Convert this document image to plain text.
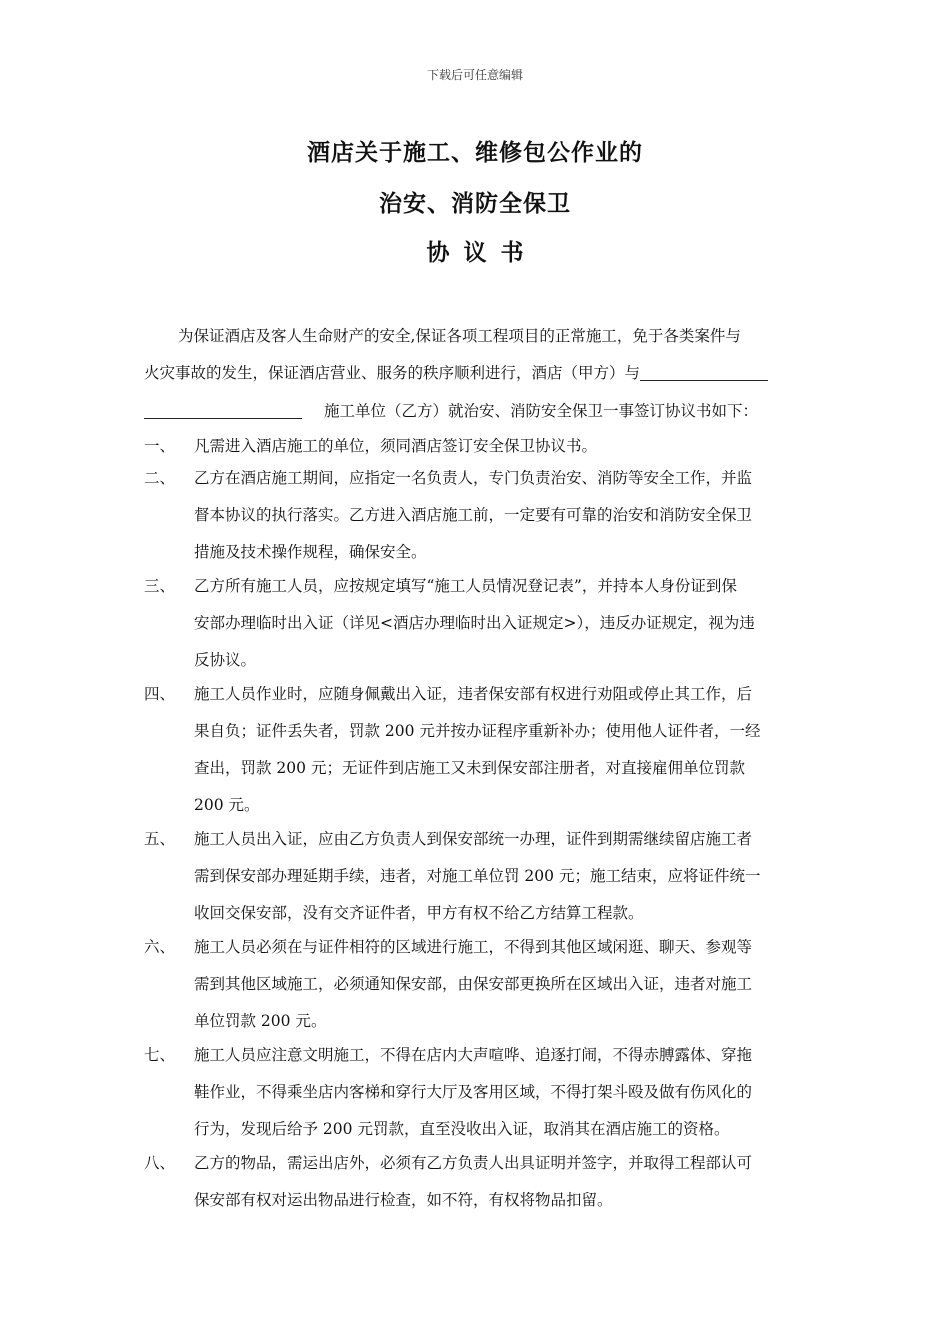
下载后可任意编辑
酒店关于施工、维修包公作业的
治安、消防全保卫
协议书
为保证酒店及客人生命财产的安全,保证各项工程项目的正常施工，免于各类案件与
火灾事故的发生，保证酒店营业、服务的秩序顺利进行，酒店（甲方）与
施工单位（乙方）就治安、消防安全保卫一事签订协议书如下：
一、 凡需进入酒店施工的单位，须同酒店签订安全保卫协议书。
二、 乙方在酒店施工期间，应指定一名负责人，专门负责治安、消防等安全工作，并监
督本协议的执行落实。乙方进入酒店施工前，一定要有可靠的治安和消防安全保卫
措施及技术操作规程，确保安全。
三、 乙方所有施工人员，应按规定填写“施工人员情况登记表”，并持本人身份证到保
安部办理临时出入证（详见<酒店办理临时出入证规定>），违反办证规定，视为违
反协议。
四、 施工人员作业时，应随身佩戴出入证，违者保安部有权进行劝阻或停止其工作，后
果自负；证件丢失者，罚款 200 元并按办证程序重新补办；使用他人证件者，一经
查出，罚款 200 元；无证件到店施工又未到保安部注册者，对直接雇佣单位罚款
200 元。
五、 施工人员出入证，应由乙方负责人到保安部统一办理，证件到期需继续留店施工者
需到保安部办理延期手续，违者，对施工单位罚 200 元；施工结束，应将证件统一
收回交保安部，没有交齐证件者，甲方有权不给乙方结算工程款。
六、 施工人员必须在与证件相符的区域进行施工，不得到其他区域闲逛、聊天、参观等
需到其他区域施工，必须通知保安部，由保安部更换所在区域出入证，违者对施工
单位罚款 200 元。
七、 施工人员应注意文明施工，不得在店内大声喧哗、追逐打闹，不得赤膊露体、穿拖
鞋作业，不得乘坐店内客梯和穿行大厅及客用区域，不得打架斗殴及做有伤风化的
行为，发现后给予 200 元罚款，直至没收出入证，取消其在酒店施工的资格。
八、 乙方的物品，需运出店外，必须有乙方负责人出具证明并签字，并取得工程部认可
保安部有权对运出物品进行检查，如不符，有权将物品扣留。
